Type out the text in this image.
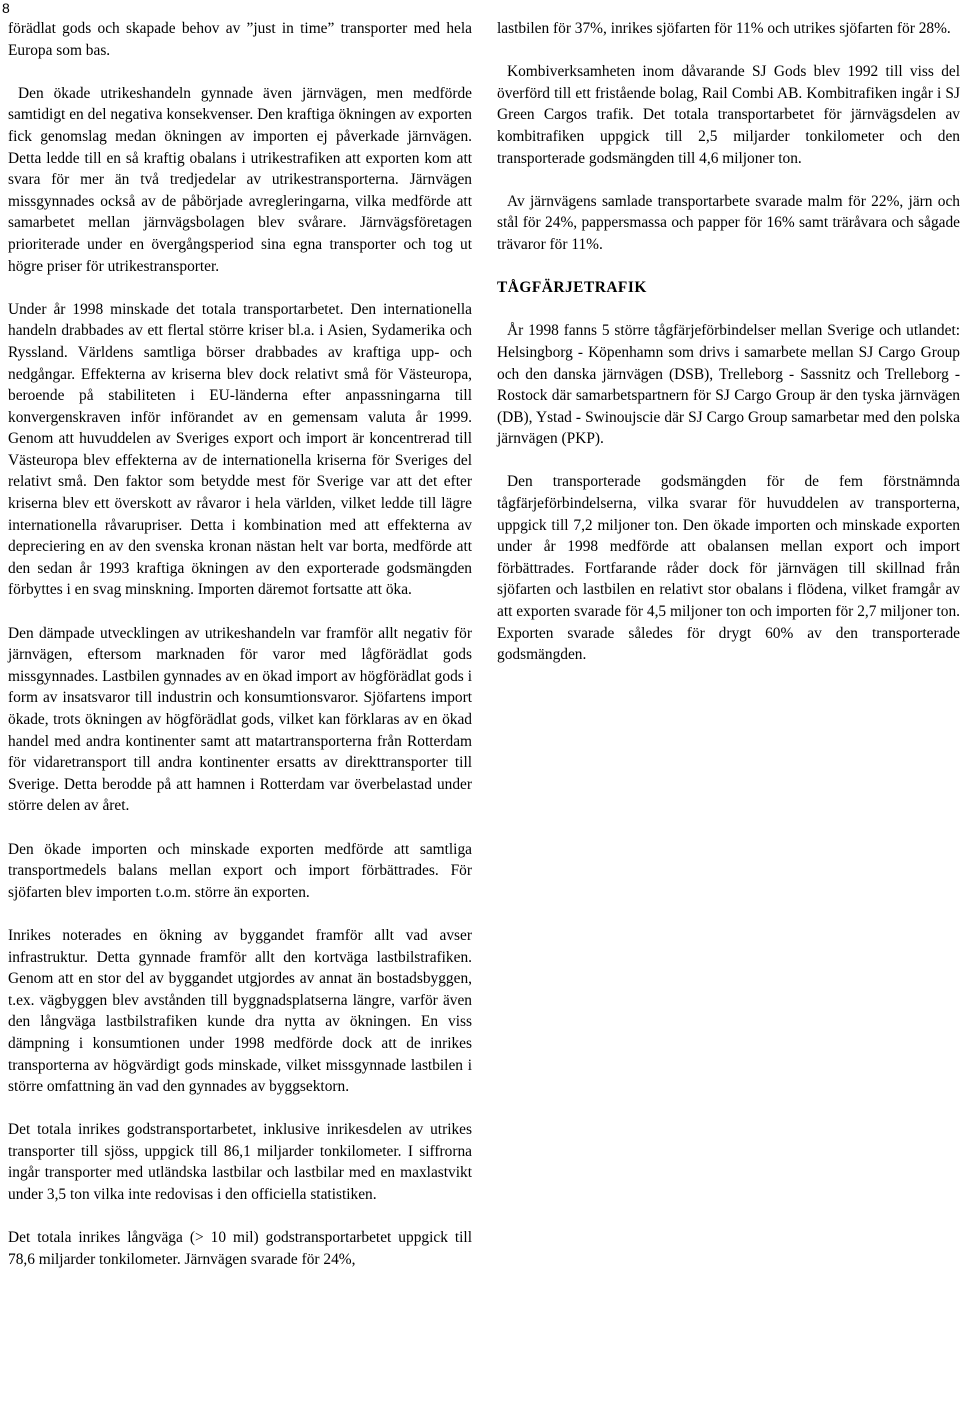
8

förädlat gods och skapade behov av ”just in time” transporter med hela Europa som bas.

Den ökade utrikeshandeln gynnade även järnvägen, men medförde samtidigt en del negativa konsekvenser. Den kraftiga ökningen av exporten fick genomslag medan ökningen av importen ej påverkade järnvägen. Detta ledde till en så kraftig obalans i utrikestrafiken att exporten kom att svara för mer än två tredjedelar av utrikestransporterna. Järnvägen missgynnades också av de påbörjade avregleringarna, vilka medförde att samarbetet mellan järnvägsbolagen blev svårare. Järnvägsföretagen prioriterade under en övergångsperiod sina egna transporter och tog ut högre priser för utrikestransporter.

Under år 1998 minskade det totala transportarbetet. Den internationella handeln drabbades av ett flertal större kriser bl.a. i Asien, Sydamerika och Ryssland. Världens samtliga börser drabbades av kraftiga upp- och nedgångar. Effekterna av kriserna blev dock relativt små för Västeuropa, beroende på stabiliteten i EU-länderna efter anpassningarna till konvergenskraven inför införandet av en gemensam valuta år 1999. Genom att huvuddelen av Sveriges export och import är koncentrerad till Västeuropa blev effekterna av de internationella kriserna för Sveriges del relativt små. Den faktor som betydde mest för Sverige var att det efter kriserna blev ett överskott av råvaror i hela världen, vilket ledde till lägre internationella råvarupriser. Detta i kombination med att effekterna av depreciering en av den svenska kronan nästan helt var borta, medförde att den sedan år 1993 kraftiga ökningen av den exporterade godsmängden förbyttes i en svag minskning. Importen däremot fortsatte att öka.

Den dämpade utvecklingen av utrikeshandeln var framför allt negativ för järnvägen, eftersom marknaden för varor med lågförädlat gods missgynnades. Lastbilen gynnades av en ökad import av högförädlat gods i form av insatsvaror till industrin och konsumtionsvaror. Sjöfartens import ökade, trots ökningen av högförädlat gods, vilket kan förklaras av en ökad handel med andra kontinenter samt att matartransporterna från Rotterdam för vidaretransport till andra kontinenter ersatts av direkttransporter till Sverige. Detta berodde på att hamnen i Rotterdam var överbelastad under större delen av året.

Den ökade importen och minskade exporten medförde att samtliga transportmedels balans mellan export och import förbättrades. För sjöfarten blev importen t.o.m. större än exporten.

Inrikes noterades en ökning av byggandet framför allt vad avser infrastruktur. Detta gynnade framför allt den kortväga lastbilstrafiken. Genom att en stor del av byggandet utgjordes av annat än bostadsbyggen, t.ex. vägbyggen blev avstånden till byggnadsplatserna längre, varför även den långväga lastbilstrafiken kunde dra nytta av ökningen. En viss dämpning i konsumtionen under 1998 medförde dock att de inrikes transporterna av högvärdigt gods minskade, vilket missgynnade lastbilen i större omfattning än vad den gynnades av byggsektorn.

Det totala inrikes godstransportarbetet, inklusive inrikesdelen av utrikes transporter till sjöss, uppgick till 86,1 miljarder tonkilometer. I siffrorna ingår transporter med utländska lastbilar och lastbilar med en maxlastvikt under 3,5 ton vilka inte redovisas i den officiella statistiken.

Det totala inrikes långväga (> 10 mil) godstransportarbetet uppgick till 78,6 miljarder tonkilometer. Järnvägen svarade för 24%,

lastbilen för 37%, inrikes sjöfarten för 11% och utrikes sjöfarten för 28%.

Kombiverksamheten inom dåvarande SJ Gods blev 1992 till viss del överförd till ett fristående bolag, Rail Combi AB. Kombitrafiken ingår i SJ Green Cargos trafik. Det totala transportarbetet för järnvägsdelen av kombitrafiken uppgick till 2,5 miljarder tonkilometer och den transporterade godsmängden till 4,6 miljoner ton.

Av järnvägens samlade transportarbete svarade malm för 22%, järn och stål för 24%, pappersmassa och papper för 16% samt träråvara och sågade trävaror för 11%.

TÅGFÄRJETRAFIK

År 1998 fanns 5 större tågfärjeförbindelser mellan Sverige och utlandet: Helsingborg - Köpenhamn som drivs i samarbete mellan SJ Cargo Group och den danska järnvägen (DSB), Trelleborg - Sassnitz och Trelleborg - Rostock där samarbetspartnern för SJ Cargo Group är den tyska järnvägen (DB), Ystad - Swinoujscie där SJ Cargo Group samarbetar med den polska järnvägen (PKP).

Den transporterade godsmängden för de fem förstnämnda tågfärjeförbindelserna, vilka svarar för huvuddelen av transporterna, uppgick till 7,2 miljoner ton. Den ökade importen och minskade exporten under år 1998 medförde att obalansen mellan export och import förbättrades. Fortfarande råder dock för järnvägen till skillnad från sjöfarten och lastbilen en relativt stor obalans i flödena, vilket framgår av att exporten svarade för 4,5 miljoner ton och importen för 2,7 miljoner ton. Exporten svarade således för drygt 60% av den transporterade godsmängden.
